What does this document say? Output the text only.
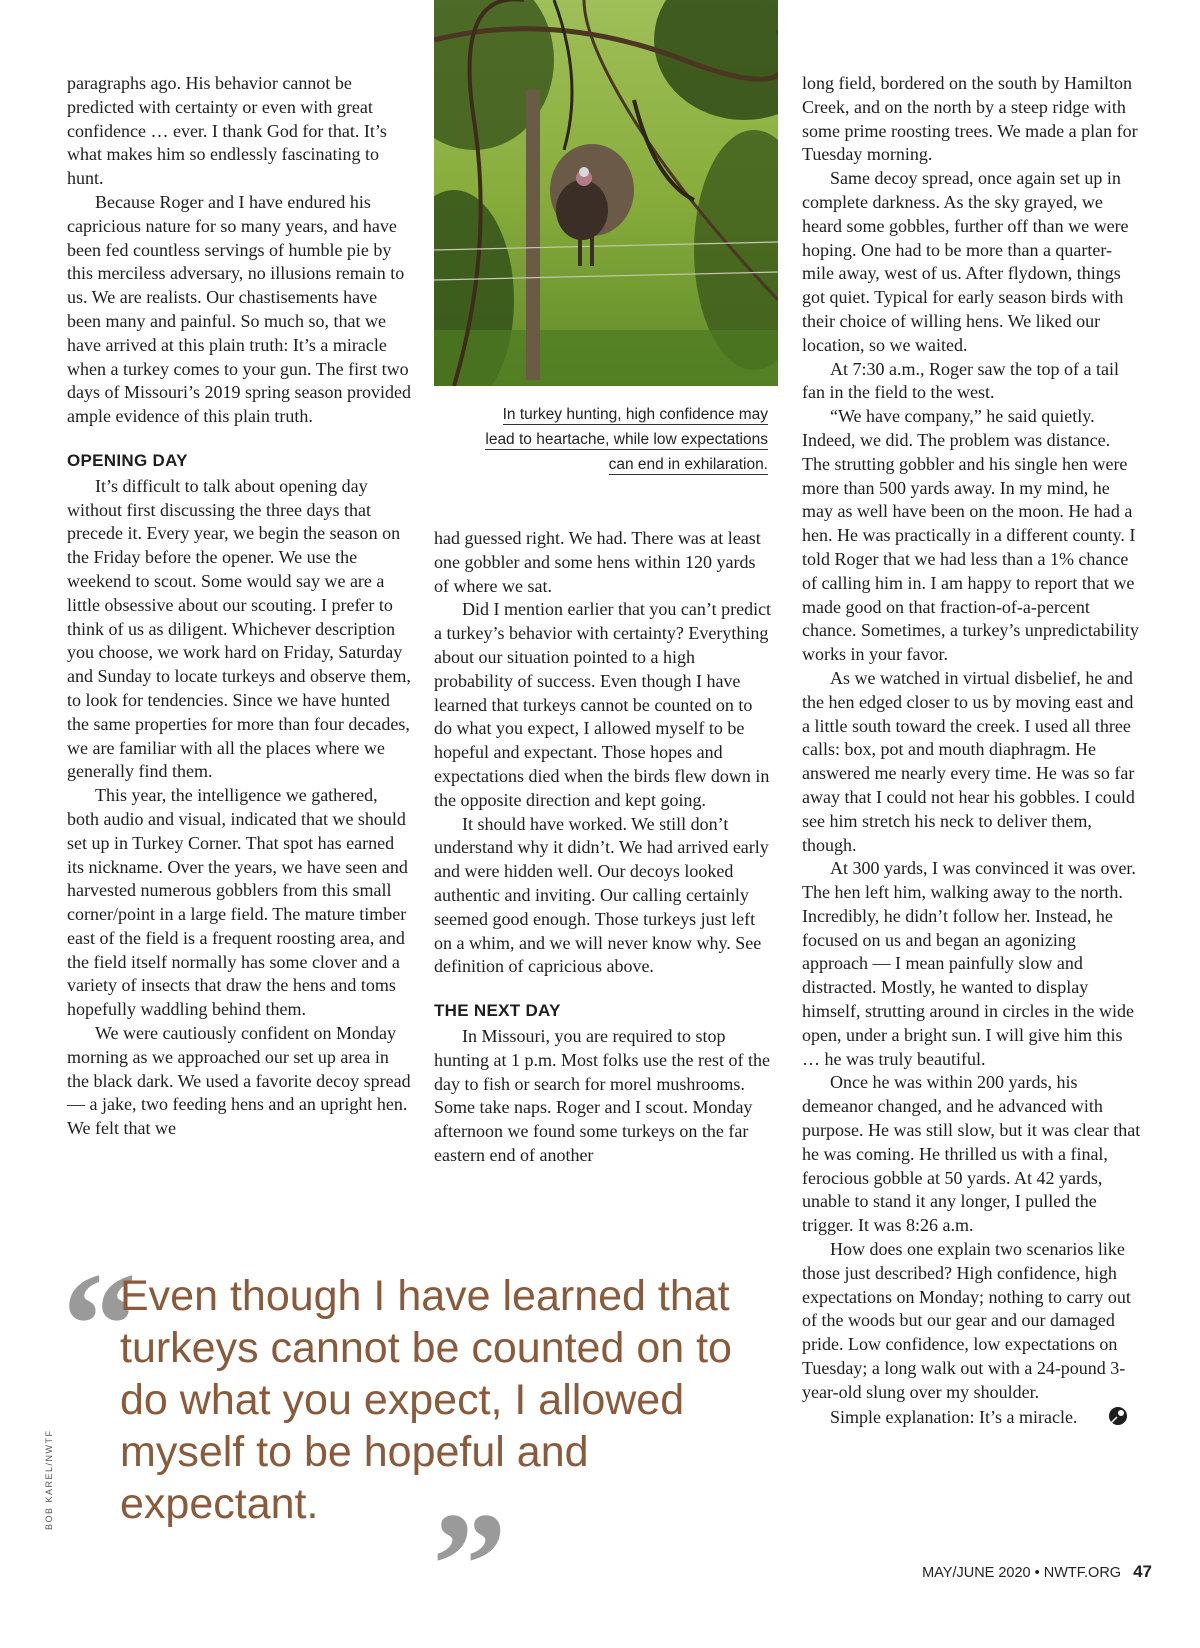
In turkey hunting, high confidence may lead to heartache, while low expectations can end in exhilaration.

paragraphs ago. His behavior cannot be predicted with certainty or even with great confidence … ever. I thank God for that. It’s what makes him so endlessly fascinating to hunt.

Because Roger and I have endured his capricious nature for so many years, and have been fed countless servings of humble pie by this merciless adversary, no illusions remain to us. We are realists. Our chastisements have been many and painful. So much so, that we have arrived at this plain truth: It’s a miracle when a turkey comes to your gun. The first two days of Missouri’s 2019 spring season provided ample evidence of this plain truth.

OPENING DAY

It’s difficult to talk about opening day without first discussing the three days that precede it. Every year, we begin the season on the Friday before the opener. We use the weekend to scout. Some would say we are a little obsessive about our scouting. I prefer to think of us as diligent. Whichever description you choose, we work hard on Friday, Saturday and Sunday to locate turkeys and observe them, to look for tendencies. Since we have hunted the same properties for more than four decades, we are familiar with all the places where we generally find them.

This year, the intelligence we gathered, both audio and visual, indicated that we should set up in Turkey Corner. That spot has earned its nickname. Over the years, we have seen and harvested numerous gobblers from this small corner/point in a large field. The mature timber east of the field is a frequent roosting area, and the field itself normally has some clover and a variety of insects that draw the hens and toms hopefully waddling behind them.

We were cautiously confident on Monday morning as we approached our set up area in the black dark. We used a favorite decoy spread — a jake, two feeding hens and an upright hen. We felt that we

had guessed right. We had. There was at least one gobbler and some hens within 120 yards of where we sat.

Did I mention earlier that you can’t predict a turkey’s behavior with certainty? Everything about our situation pointed to a high probability of success. Even though I have learned that turkeys cannot be counted on to do what you expect, I allowed myself to be hopeful and expectant. Those hopes and expectations died when the birds flew down in the opposite direction and kept going.

It should have worked. We still don’t understand why it didn’t. We had arrived early and were hidden well. Our decoys looked authentic and inviting. Our calling certainly seemed good enough. Those turkeys just left on a whim, and we will never know why. See definition of capricious above.

THE NEXT DAY

In Missouri, you are required to stop hunting at 1 p.m. Most folks use the rest of the day to fish or search for morel mushrooms. Some take naps. Roger and I scout. Monday afternoon we found some turkeys on the far eastern end of another

long field, bordered on the south by Hamilton Creek, and on the north by a steep ridge with some prime roosting trees. We made a plan for Tuesday morning.

Same decoy spread, once again set up in complete darkness. As the sky grayed, we heard some gobbles, further off than we were hoping. One had to be more than a quarter-mile away, west of us. After flydown, things got quiet. Typical for early season birds with their choice of willing hens. We liked our location, so we waited.

At 7:30 a.m., Roger saw the top of a tail fan in the field to the west.

“We have company,” he said quietly. Indeed, we did. The problem was distance. The strutting gobbler and his single hen were more than 500 yards away. In my mind, he may as well have been on the moon. He had a hen. He was practically in a different county. I told Roger that we had less than a 1% chance of calling him in. I am happy to report that we made good on that fraction-of-a-percent chance. Sometimes, a turkey’s unpredictability works in your favor.

As we watched in virtual disbelief, he and the hen edged closer to us by moving east and a little south toward the creek. I used all three calls: box, pot and mouth diaphragm. He answered me nearly every time. He was so far away that I could not hear his gobbles. I could see him stretch his neck to deliver them, though.

At 300 yards, I was convinced it was over. The hen left him, walking away to the north. Incredibly, he didn’t follow her. Instead, he focused on us and began an agonizing approach — I mean painfully slow and distracted. Mostly, he wanted to display himself, strutting around in circles in the wide open, under a bright sun. I will give him this … he was truly beautiful.

Once he was within 200 yards, his demeanor changed, and he advanced with purpose. He was still slow, but it was clear that he was coming. He thrilled us with a final, ferocious gobble at 50 yards. At 42 yards, unable to stand it any longer, I pulled the trigger. It was 8:26 a.m.

How does one explain two scenarios like those just described? High confidence, high expectations on Monday; nothing to carry out of the woods but our gear and our damaged pride. Low confidence, low expectations on Tuesday; a long walk out with a 24-pound 3-year-old slung over my shoulder.

Simple explanation: It’s a miracle.

“
Even though I have learned that turkeys cannot be counted on to do what you expect, I allowed myself to be hopeful and expectant. ”
BOB KAREL/NWTF
MAY/JUNE 2020 • NWTF.ORG 47
